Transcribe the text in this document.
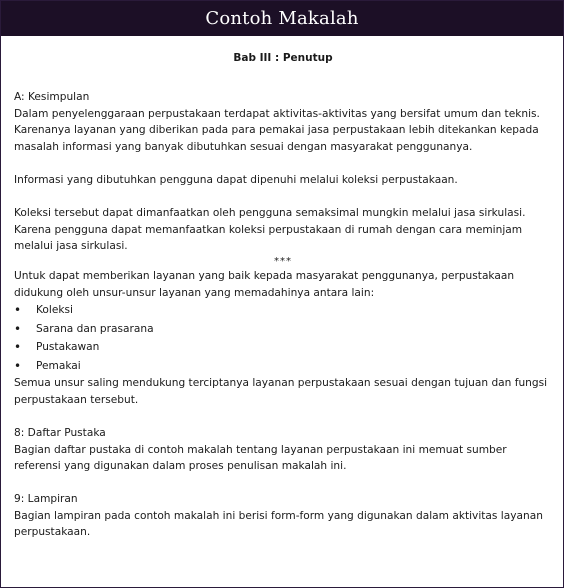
Contoh Makalah
Bab III : Penutup
A: Kesimpulan
Dalam penyelenggaraan perpustakaan terdapat aktivitas-aktivitas yang bersifat umum dan teknis.
Karenanya layanan yang diberikan pada para pemakai jasa perpustakaan lebih ditekankan kepada
masalah informasi yang banyak dibutuhkan sesuai dengan masyarakat penggunanya.
Informasi yang dibutuhkan pengguna dapat dipenuhi melalui koleksi perpustakaan.
Koleksi tersebut dapat dimanfaatkan oleh pengguna semaksimal mungkin melalui jasa sirkulasi.
Karena pengguna dapat memanfaatkan koleksi perpustakaan di rumah dengan cara meminjam
melalui jasa sirkulasi.
***
Untuk dapat memberikan layanan yang baik kepada masyarakat penggunanya, perpustakaan
didukung oleh unsur-unsur layanan yang memadahinya antara lain:
•	Koleksi
•	Sarana dan prasarana
•	Pustakawan
•	Pemakai
Semua unsur saling mendukung terciptanya layanan perpustakaan sesuai dengan tujuan dan fungsi
perpustakaan tersebut.
8: Daftar Pustaka
Bagian daftar pustaka di contoh makalah tentang layanan perpustakaan ini memuat sumber
referensi yang digunakan dalam proses penulisan makalah ini.
9: Lampiran
Bagian lampiran pada contoh makalah ini berisi form-form yang digunakan dalam aktivitas layanan
perpustakaan.
